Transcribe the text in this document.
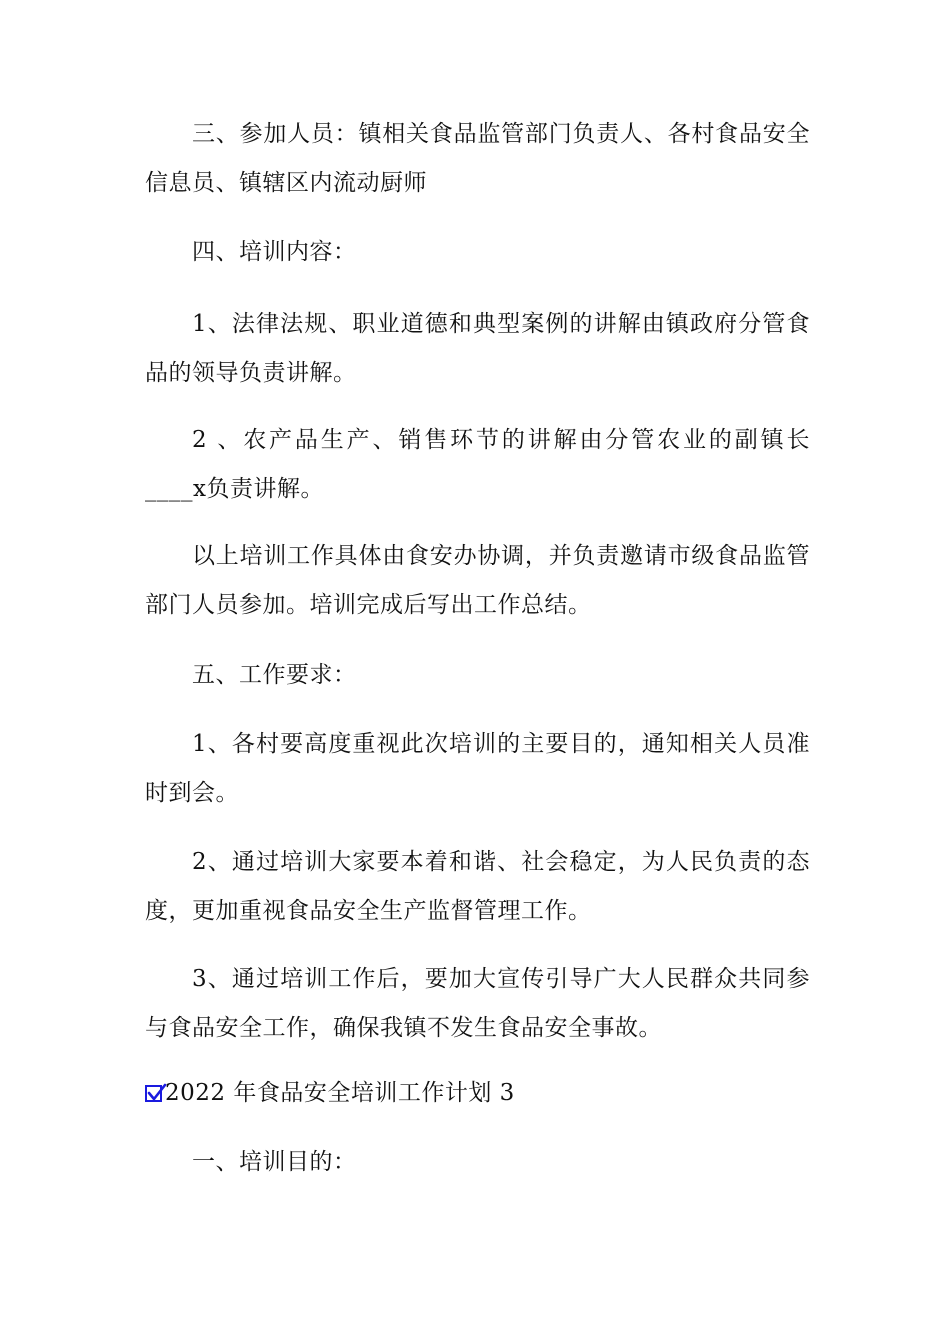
三、参加人员：镇相关食品监管部门负责人、各村食品安全信息员、镇辖区内流动厨师

四、培训内容：

1、法律法规、职业道德和典型案例的讲解由镇政府分管食品的领导负责讲解。

2 、农产品生产、销售环节的讲解由分管农业的副镇长____x负责讲解。

以上培训工作具体由食安办协调，并负责邀请市级食品监管部门人员参加。培训完成后写出工作总结。

五、工作要求：

1、各村要高度重视此次培训的主要目的，通知相关人员准时到会。

2、通过培训大家要本着和谐、社会稳定，为人民负责的态度，更加重视食品安全生产监督管理工作。

3、通过培训工作后，要加大宣传引导广大人民群众共同参与食品安全工作，确保我镇不发生食品安全事故。

2022 年食品安全培训工作计划 3

一、培训目的：
